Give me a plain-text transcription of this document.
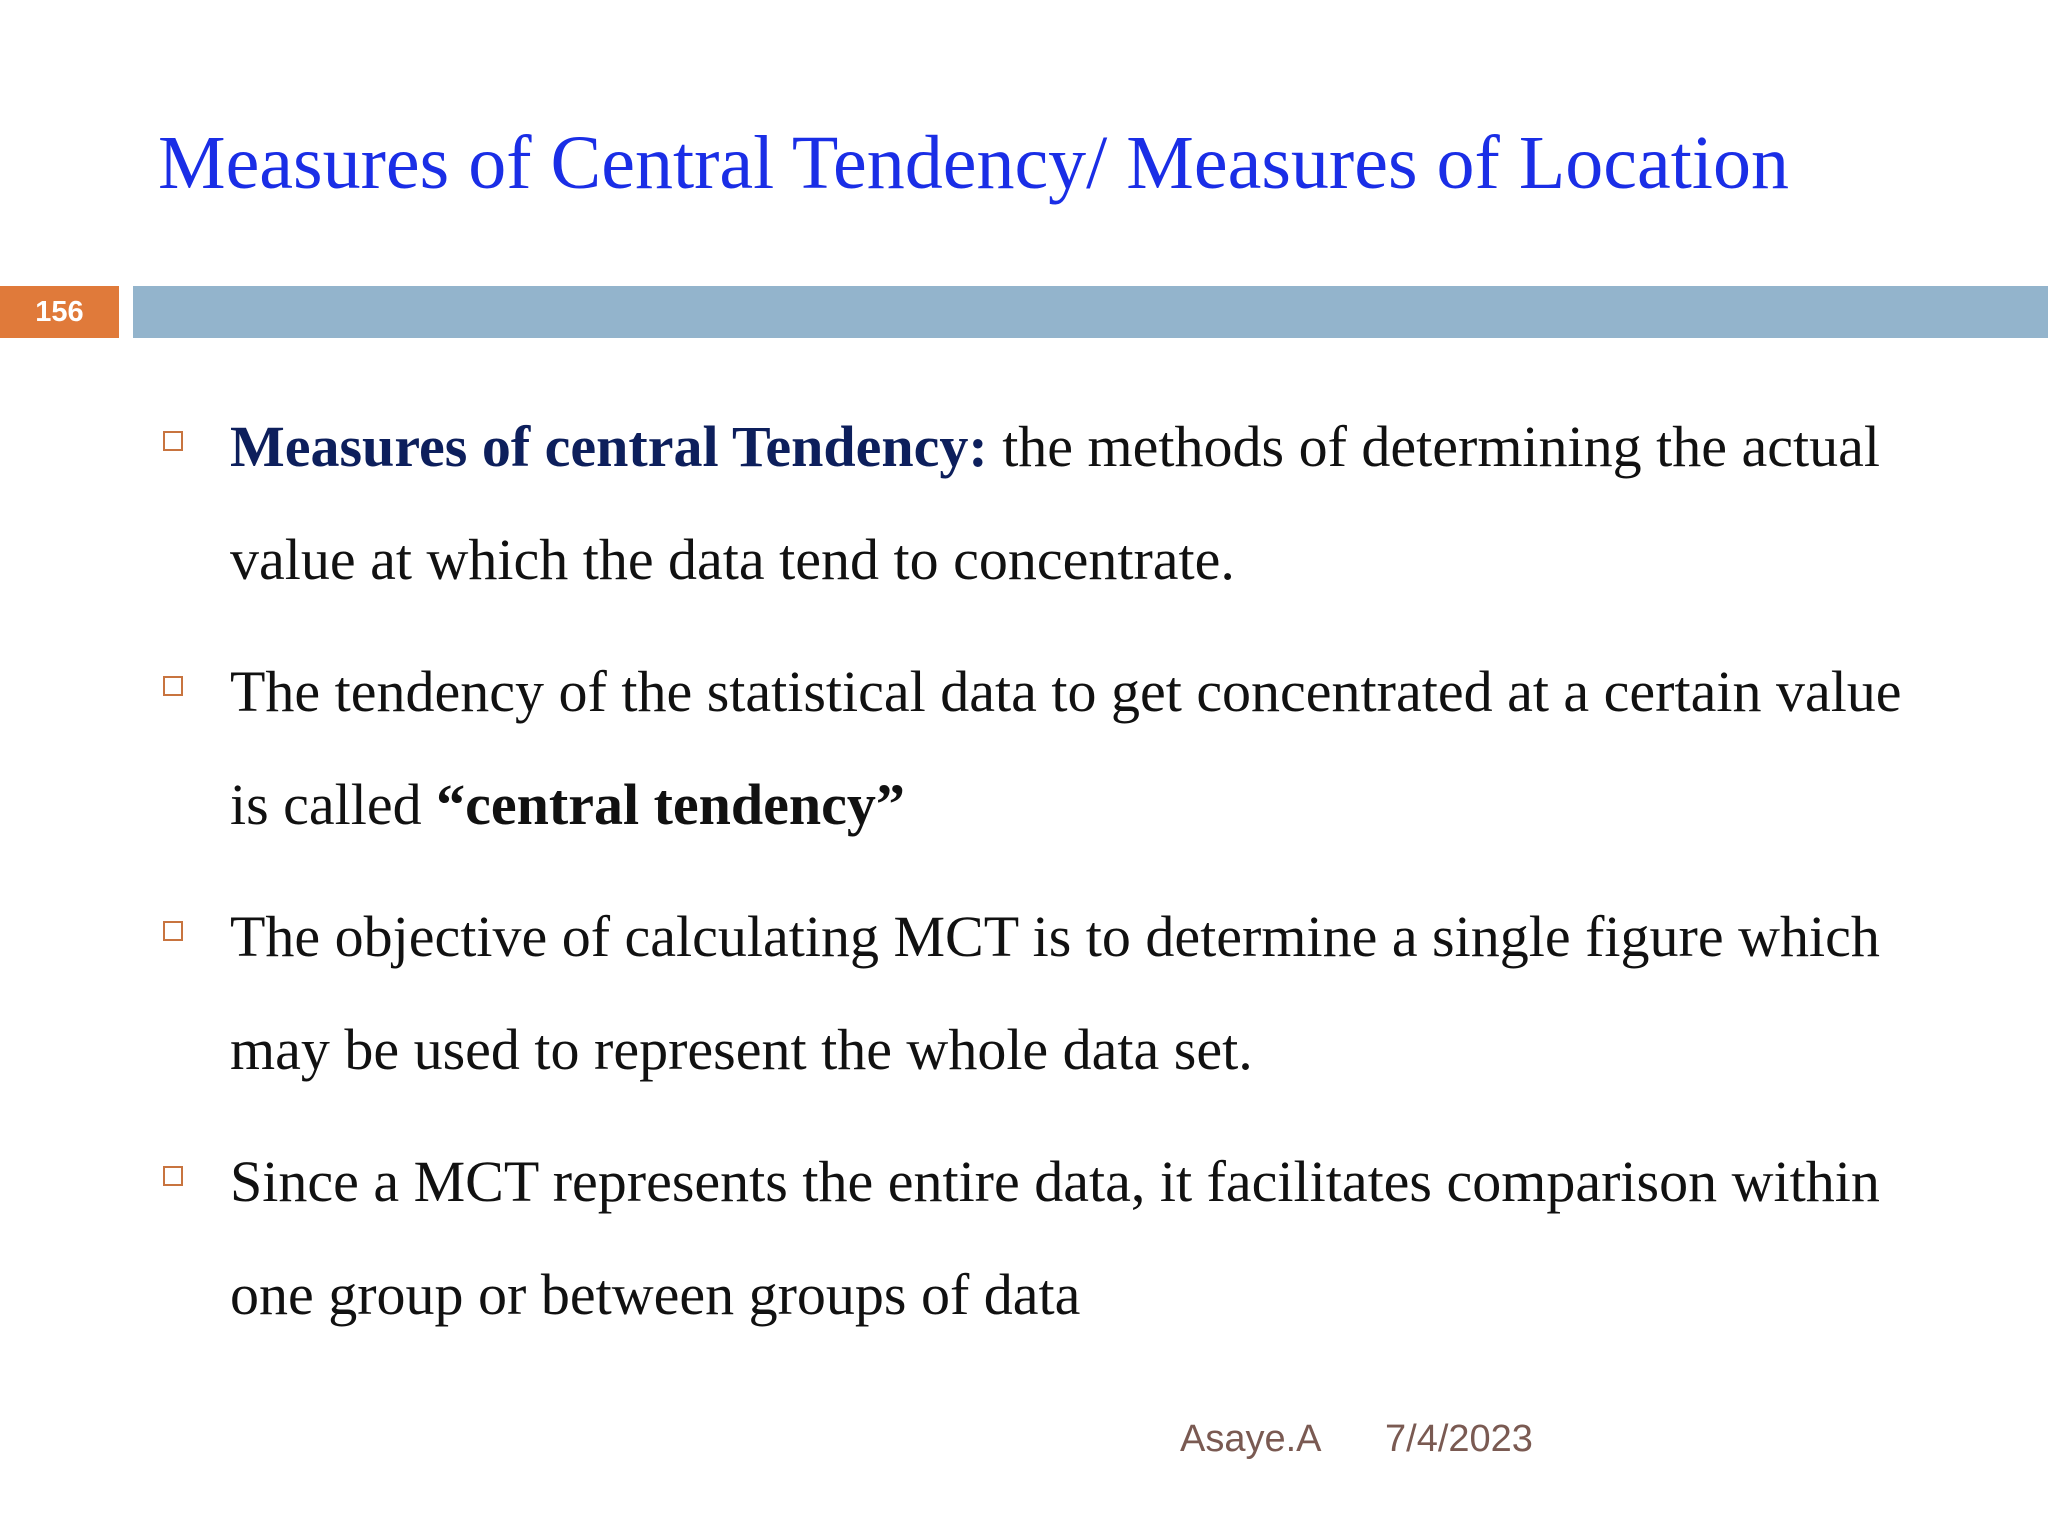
Measures of Central Tendency/ Measures of Location
156
Measures of central Tendency: the methods of determining the actual value at which the data tend to concentrate.
The tendency of the statistical data to get concentrated at a certain value is called “central tendency”
The objective of calculating MCT is to determine a single figure which may be used to represent the whole data set.
Since a MCT represents the entire data, it facilitates comparison within one group or between groups of data
Asaye.A 7/4/2023
